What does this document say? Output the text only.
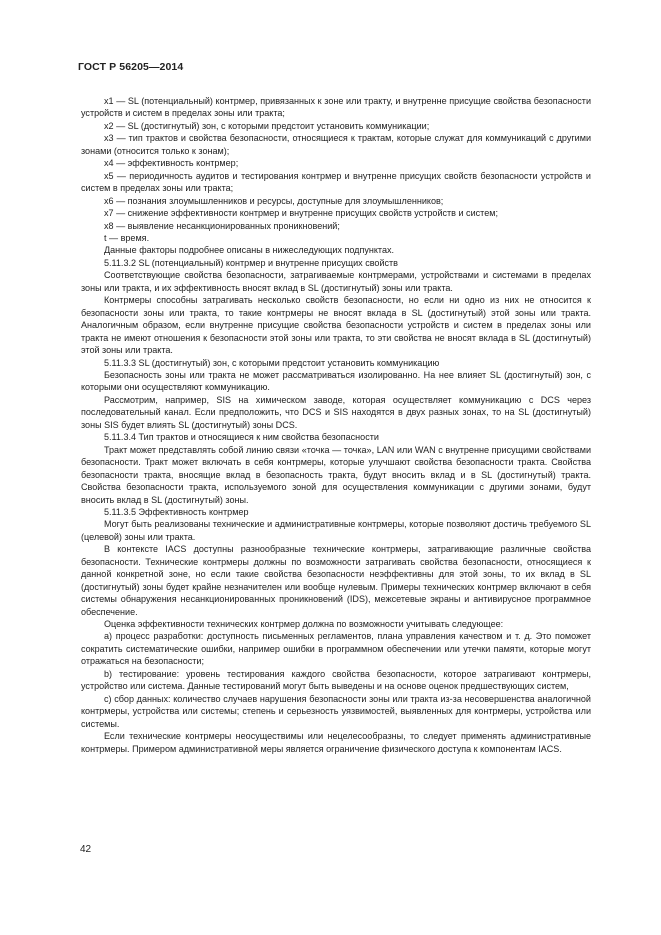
ГОСТ Р 56205—2014

x1 — SL (потенциальный) контрмер, привязанных к зоне или тракту, и внутренне присущие свойства безопасности устройств и систем в пределах зоны или тракта;

x2 — SL (достигнутый) зон, с которыми предстоит установить коммуникации;

x3 — тип трактов и свойства безопасности, относящиеся к трактам, которые служат для коммуникаций с другими зонами (относится только к зонам);

x4 — эффективность контрмер;

x5 — периодичность аудитов и тестирования контрмер и внутренне присущих свойств безопасности устройств и систем в пределах зоны или тракта;

x6 — познания злоумышленников и ресурсы, доступные для злоумышленников;

x7 — снижение эффективности контрмер и внутренне присущих свойств устройств и систем;

x8 — выявление несанкционированных проникновений;

t — время.

Данные факторы подробнее описаны в нижеследующих подпунктах.

5.11.3.2 SL (потенциальный) контрмер и внутренне присущих свойств

Соответствующие свойства безопасности, затрагиваемые контрмерами, устройствами и системами в пределах зоны или тракта, и их эффективность вносят вклад в SL (достигнутый) зоны или тракта.

Контрмеры способны затрагивать несколько свойств безопасности, но если ни одно из них не относится к безопасности зоны или тракта, то такие контрмеры не вносят вклада в SL (достигнутый) этой зоны или тракта. Аналогичным образом, если внутренне присущие свойства безопасности устройств и систем в пределах зоны или тракта не имеют отношения к безопасности этой зоны или тракта, то эти свойства не вносят вклада в SL (достигнутый) этой зоны или тракта.

5.11.3.3 SL (достигнутый) зон, с которыми предстоит установить коммуникацию

Безопасность зоны или тракта не может рассматриваться изолированно. На нее влияет SL (достигнутый) зон, с которыми они осуществляют коммуникацию.

Рассмотрим, например, SIS на химическом заводе, которая осуществляет коммуникацию с DCS через последовательный канал. Если предположить, что DCS и SIS находятся в двух разных зонах, то на SL (достигнутый) зоны SIS будет влиять SL (достигнутый) зоны DCS.

5.11.3.4 Тип трактов и относящиеся к ним свойства безопасности

Тракт может представлять собой линию связи «точка — точка», LAN или WAN с внутренне присущими свойствами безопасности. Тракт может включать в себя контрмеры, которые улучшают свойства безопасности тракта. Свойства безопасности тракта, вносящие вклад в безопасность тракта, будут вносить вклад и в SL (достигнутый) тракта. Свойства безопасности тракта, используемого зоной для осуществления коммуникации с другими зонами, будут вносить вклад в SL (достигнутый) зоны.

5.11.3.5 Эффективность контрмер

Могут быть реализованы технические и административные контрмеры, которые позволяют достичь требуемого SL (целевой) зоны или тракта.

В контексте IACS доступны разнообразные технические контрмеры, затрагивающие различные свойства безопасности. Технические контрмеры должны по возможности затрагивать свойства безопасности, относящиеся к данной конкретной зоне, но если такие свойства безопасности неэффективны для этой зоны, то их вклад в SL (достигнутый) зоны будет крайне незначителен или вообще нулевым. Примеры технических контрмер включают в себя системы обнаружения несанкционированных проникновений (IDS), межсетевые экраны и антивирусное программное обеспечение.

Оценка эффективности технических контрмер должна по возможности учитывать следующее:

а) процесс разработки: доступность письменных регламентов, плана управления качеством и т. д. Это поможет сократить систематические ошибки, например ошибки в программном обеспечении или утечки памяти, которые могут отражаться на безопасности;

b) тестирование: уровень тестирования каждого свойства безопасности, которое затрагивают контрмеры, устройство или система. Данные тестирований могут быть выведены и на основе оценок предшествующих систем,

с) сбор данных: количество случаев нарушения безопасности зоны или тракта из-за несовершенства аналогичной контрмеры, устройства или системы; степень и серьезность уязвимостей, выявленных для контрмеры, устройства или системы.

Если технические контрмеры неосуществимы или нецелесообразны, то следует применять административные контрмеры. Примером административной меры является ограничение физического доступа к компонентам IACS.

42
